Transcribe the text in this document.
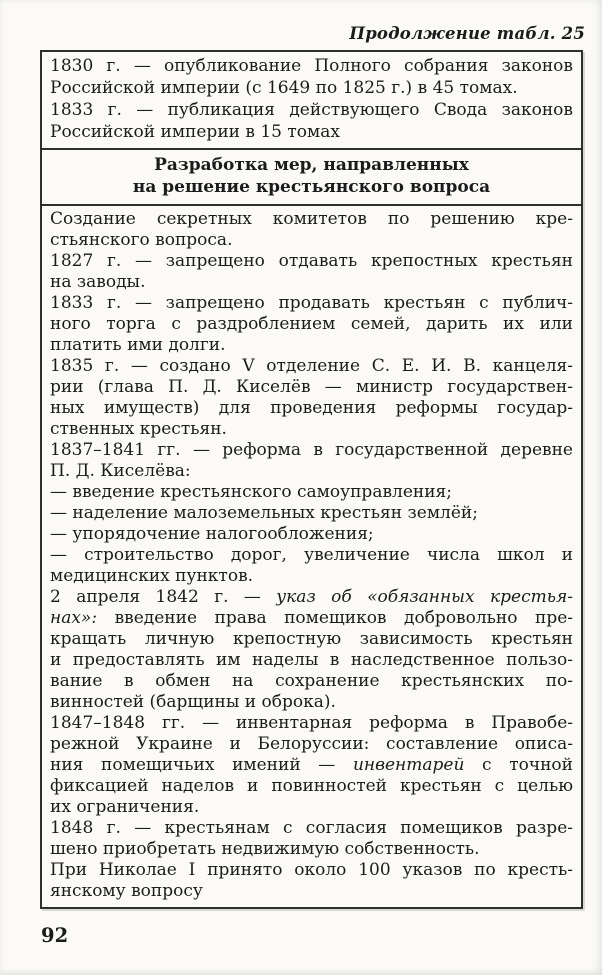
Продолжение табл. 25
1830 г. — опубликование Полного собрания законов
Российской империи (с 1649 по 1825 г.) в 45 томах.
1833 г. — публикация действующего Свода законов
Российской империи в 15 томах
Разработка мер, направленных
на решение крестьянского вопроса
Создание секретных комитетов по решению кре-
стьянского вопроса.
1827 г. — запрещено отдавать крепостных крестьян
на заводы.
1833 г. — запрещено продавать крестьян с публич-
ного торга с раздроблением семей, дарить их или
платить ими долги.
1835 г. — создано V отделение С. Е. И. В. канцеля-
рии (глава П. Д. Киселёв — министр государствен-
ных имуществ) для проведения реформы государ-
ственных крестьян.
1837–1841 гг. — реформа в государственной деревне
П. Д. Киселёва:
— введение крестьянского самоуправления;
— наделение малоземельных крестьян землёй;
— упорядочение налогообложения;
— строительство дорог, увеличение числа школ и
медицинских пунктов.
2 апреля 1842 г. — указ об «обязанных крестья-
нах»: введение права помещиков добровольно пре-
кращать личную крепостную зависимость крестьян
и предоставлять им наделы в наследственное пользо-
вание в обмен на сохранение крестьянских по-
винностей (барщины и оброка).
1847–1848 гг. — инвентарная реформа в Правобе-
режной Украине и Белоруссии: составление описа-
ния помещичьих имений — инвентарей с точной
фиксацией наделов и повинностей крестьян с целью
их ограничения.
1848 г. — крестьянам с согласия помещиков разре-
шено приобретать недвижимую собственность.
При Николае I принято около 100 указов по кресть-
янскому вопросу
92
